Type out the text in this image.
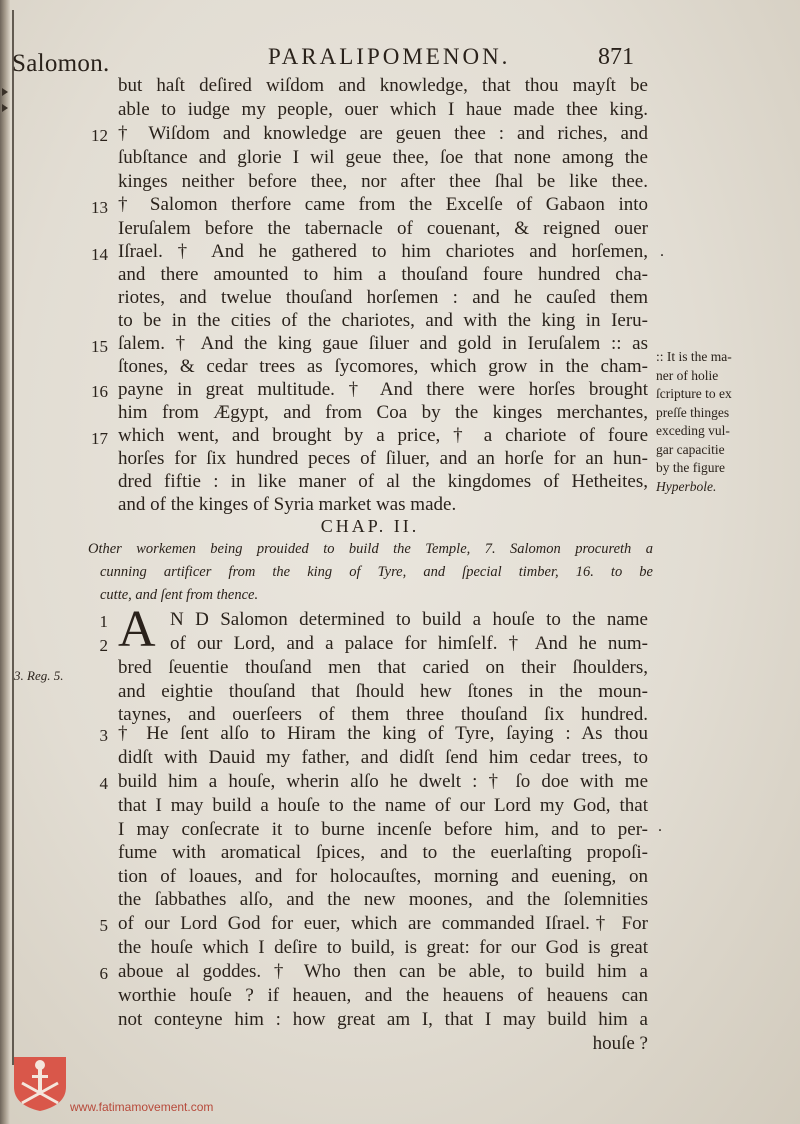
Salomon.	PARALIPOMENON.	871
but haſt deſired wiſdom and knowledge, that thou mayſt be
able to iudge my people, ouer which I haue made thee king.
† Wiſdom and knowledge are geuen thee : and riches, and
ſubſtance and glorie I wil geue thee, ſoe that none among the
kinges neither before thee, nor after thee ſhal be like thee.
† Salomon therfore came from the Excelſe of Gabaon into
Ieruſalem before the tabernacle of couenant, & reigned ouer
Iſrael. † And he gathered to him chariotes and horſemen,
and there amounted to him a thouſand foure hundred cha-
riotes, and twelue thouſand horſemen : and he cauſed them
to be in the cities of the chariotes, and with the king in Ieru-
ſalem. † And the king gaue ſiluer and gold in Ieruſalem :: as
ſtones, & cedar trees as ſycomores, which grow in the cham-
payne in great multitude. † And there were horſes brought
him from Ægypt, and from Coa by the kinges merchantes,
which went, and brought by a price, † a chariote of foure
horſes for ſix hundred peces of ſiluer, and an horſe for an hun-
dred fiftie : in like maner of al the kingdomes of Hetheites,
and of the kinges of Syria market was made.
12
13
14
15
16
17
.
:: It is the ma-
ner of holie
ſcripture to ex
preſſe thinges
exceding vul-
gar capacitie
by the figure
Hyperbole.
CHAP. II.
Other workemen being prouided to build the Temple, 7. Salomon procureth a
cunning artificer from the king of Tyre, and ſpecial timber, 16. to be
cutte, and ſent from thence.
A N D Salomon determined to build a houſe to the name
of our Lord, and a palace for himſelf. † And he num-
bred ſeuentie thouſand men that caried on their ſhoulders,
and eightie thouſand that ſhould hew ſtones in the moun-
taynes, and ouerſeers of them three thouſand ſix hundred.
† He ſent alſo to Hiram the king of Tyre, ſaying : As thou
didſt with Dauid my father, and didſt ſend him cedar trees, to
build him a houſe, wherin alſo he dwelt : † ſo doe with me
that I may build a houſe to the name of our Lord my God, that
I may conſecrate it to burne incenſe before him, and to per-
fume with aromatical ſpices, and to the euerlaſting propoſi-
tion of loaues, and for holocauſtes, morning and euening, on
the ſabbathes alſo, and the new moones, and the ſolemnities
of our Lord God for euer, which are commanded Iſrael.† For
the houſe which I deſire to build, is great: for our God is great
aboue al goddes. † Who then can be able, to build him a
worthie houſe ? if heauen, and the heauens of heauens can
not conteyne him : how great am I, that I may build him a
houſe ?
1
2
3
4
5
6
3. Reg. 5.
.
www.fatimamovement.com
